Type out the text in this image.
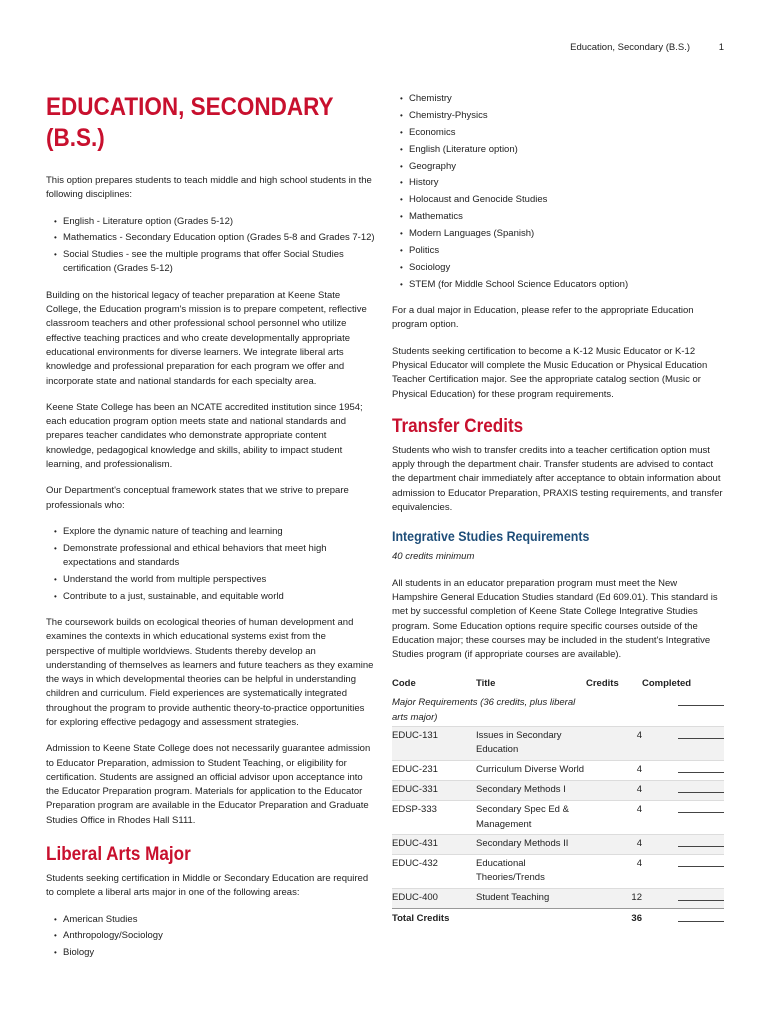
Education, Secondary (B.S.)	1
EDUCATION, SECONDARY
(B.S.)

This option prepares students to teach middle and high school students in the following disciplines:

• English - Literature option (Grades 5-12)
• Mathematics - Secondary Education option (Grades 5-8 and Grades 7-12)
• Social Studies - see the multiple programs that offer Social Studies certification (Grades 5-12)

Building on the historical legacy of teacher preparation at Keene State College, the Education program's mission is to prepare competent, reflective classroom teachers and other professional school personnel who utilize effective teaching practices and who create developmentally appropriate educational environments for diverse learners. We integrate liberal arts knowledge and professional preparation for each program we offer and incorporate state and national standards for each specialty area.

Keene State College has been an NCATE accredited institution since 1954; each education program option meets state and national standards and prepares teacher candidates who demonstrate appropriate content knowledge, pedagogical knowledge and skills, ability to impact student learning, and professionalism.

Our Department's conceptual framework states that we strive to prepare professionals who:

• Explore the dynamic nature of teaching and learning
• Demonstrate professional and ethical behaviors that meet high expectations and standards
• Understand the world from multiple perspectives
• Contribute to a just, sustainable, and equitable world

The coursework builds on ecological theories of human development and examines the contexts in which educational systems exist from the perspective of multiple worldviews. Students thereby develop an understanding of themselves as learners and future teachers as they examine the ways in which developmental theories can be helpful in understanding children and curriculum. Field experiences are systematically integrated throughout the program to provide authentic theory-to-practice opportunities for exploring effective pedagogy and assessment strategies.

Admission to Keene State College does not necessarily guarantee admission to Educator Preparation, admission to Student Teaching, or eligibility for certification. Students are assigned an official advisor upon acceptance into the Educator Preparation program. Materials for application to the Educator Preparation program are available in the Educator Preparation and Graduate Studies Office in Rhodes Hall S111.

Liberal Arts Major

Students seeking certification in Middle or Secondary Education are required to complete a liberal arts major in one of the following areas:

• American Studies
• Anthropology/Sociology
• Biology
• Chemistry
• Chemistry-Physics
• Economics
• English (Literature option)
• Geography
• History
• Holocaust and Genocide Studies
• Mathematics
• Modern Languages (Spanish)
• Politics
• Sociology
• STEM (for Middle School Science Educators option)

For a dual major in Education, please refer to the appropriate Education program option.

Students seeking certification to become a K-12 Music Educator or K-12 Physical Educator will complete the Music Education or Physical Education Teacher Certification major. See the appropriate catalog section (Music or Physical Education) for these program requirements.

Transfer Credits

Students who wish to transfer credits into a teacher certification option must apply through the department chair. Transfer students are advised to contact the department chair immediately after acceptance to obtain information about admission to Educator Preparation, PRAXIS testing requirements, and transfer equivalencies.

Integrative Studies Requirements

40 credits minimum

All students in an educator preparation program must meet the New Hampshire General Education Studies standard (Ed 609.01). This standard is met by successful completion of Keene State College Integrative Studies program. Some Education options require specific courses outside of the Education major; these courses may be included in the student's Integrative Studies program (if appropriate courses are available).

Code	Title	Credits	Completed
Major Requirements (36 credits, plus liberal arts major)			
EDUC-131	Issues in Secondary Education	4	
EDUC-231	Curriculum Diverse World	4	
EDUC-331	Secondary Methods I	4	
EDSP-333	Secondary Spec Ed & Management	4	
EDUC-431	Secondary Methods II	4	
EDUC-432	Educational Theories/Trends	4	
EDUC-400	Student Teaching	12	
Total Credits		36	
